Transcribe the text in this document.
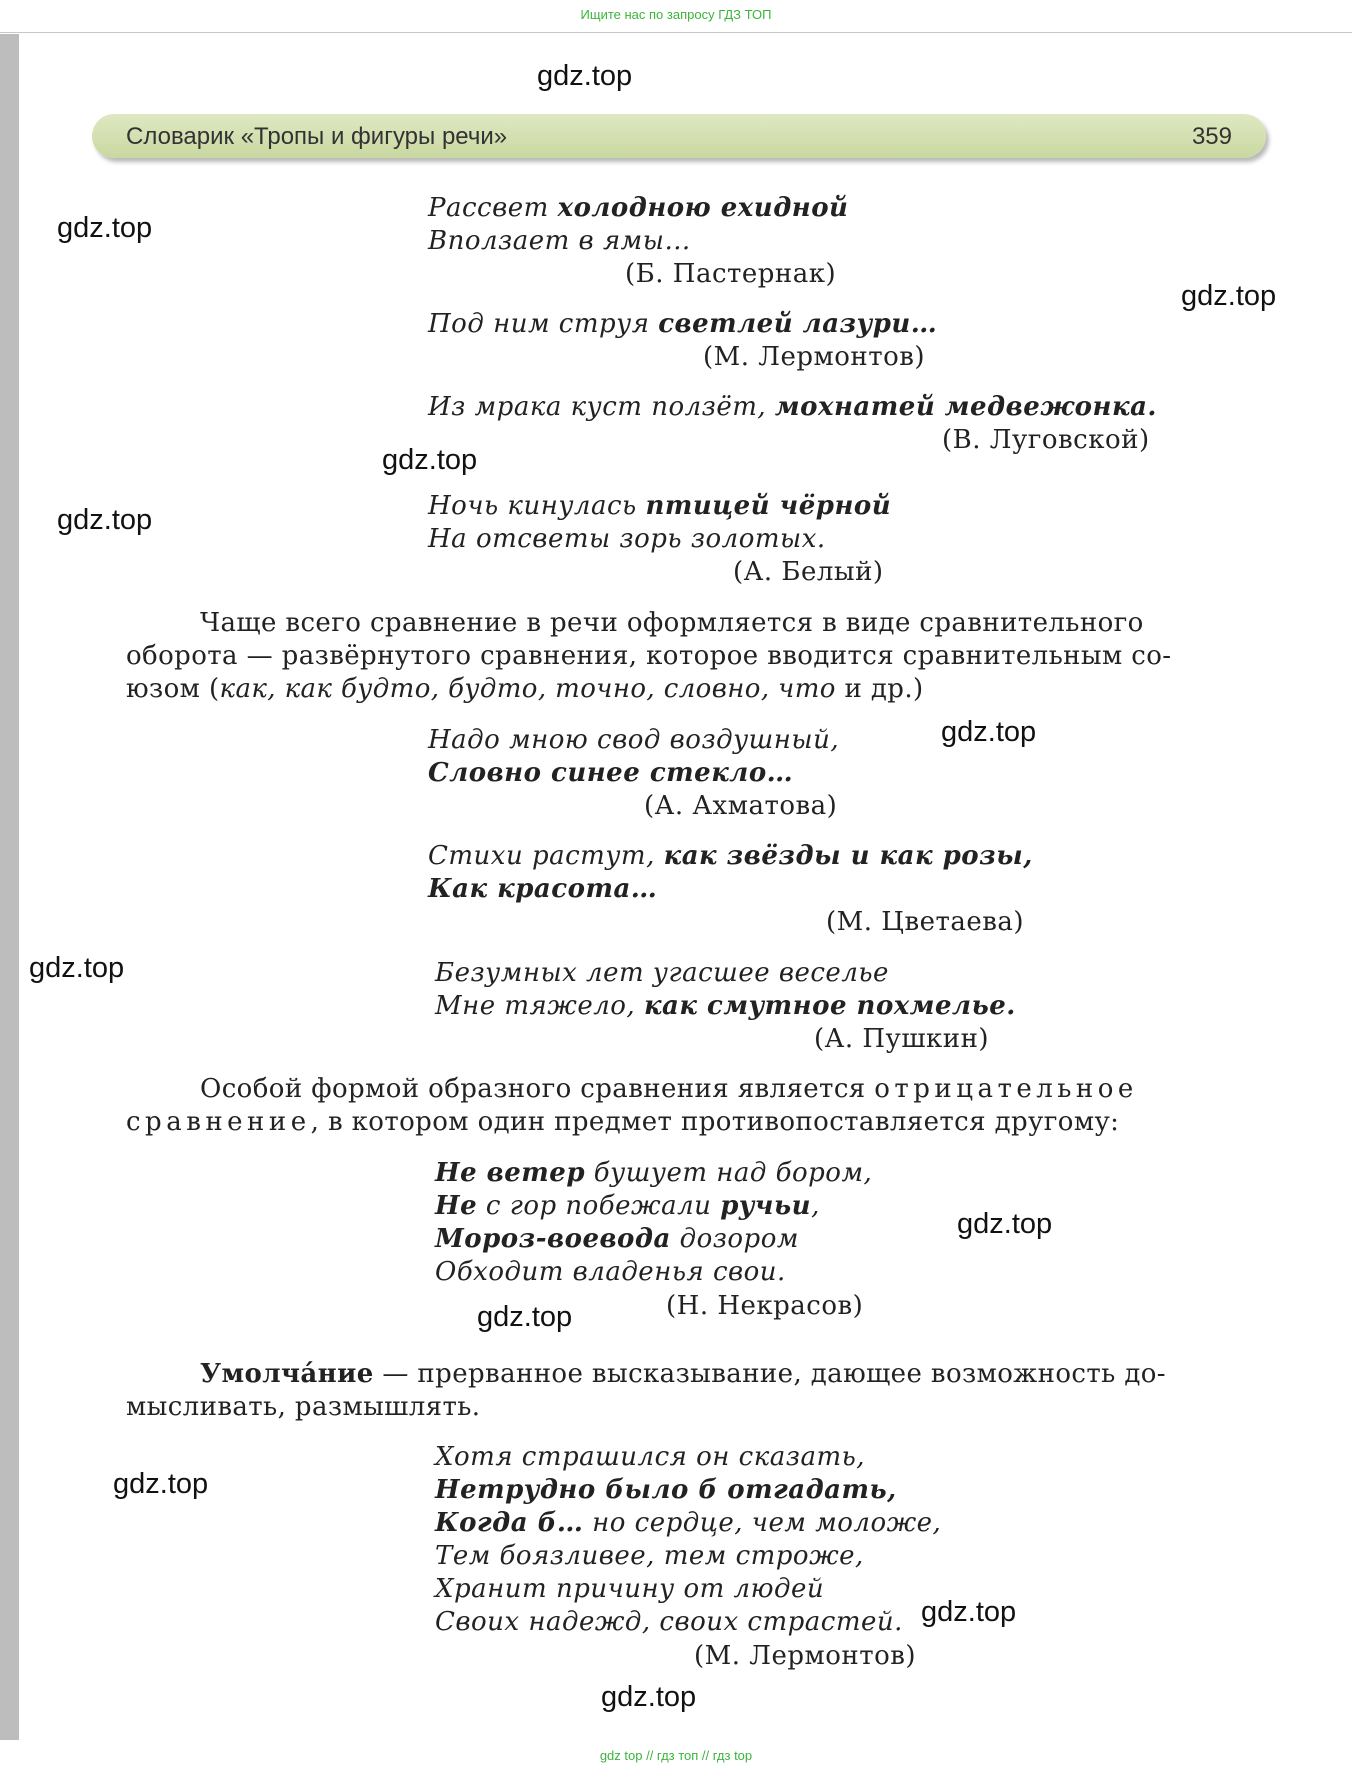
Ищите нас по запросу ГДЗ ТОП
Словарик «Тропы и фигуры речи»	359
Рассвет холодною ехидной
Вползает в ямы…
(Б. Пастернак)
Под ним струя светлей лазури…
(М. Лермонтов)
Из мрака куст ползёт, мохнатей медвежонка.
(В. Луговской)
Ночь кинулась птицей чёрной
На отсветы зорь золотых.
(А. Белый)
Чаще всего сравнение в речи оформляется в виде сравнительного
оборота — развёрнутого сравнения, которое вводится сравнительным со-
юзом (как, как будто, будто, точно, словно, что и др.)
Надо мною свод воздушный,
Словно синее стекло…
(А. Ахматова)
Стихи растут, как звёзды и как розы,
Как красота…
(М. Цветаева)
Безумных лет угасшее веселье
Мне тяжело, как смутное похмелье.
(А. Пушкин)
Особой формой образного сравнения является отрицательное
сравнение, в котором один предмет противопоставляется другому:
Не ветер бушует над бором,
Не с гор побежали ручьи,
Мороз-воевода дозором
Обходит владенья свои.
(Н. Некрасов)
Умолча́ние — прерванное высказывание, дающее возможность до-
мысливать, размышлять.
Хотя страшился он сказать,
Нетрудно было б отгадать,
Когда б… но сердце, чем моложе,
Тем боязливее, тем строже,
Хранит причину от людей
Своих надежд, своих страстей.
(М. Лермонтов)
gdz.top
gdz.top
gdz.top
gdz.top
gdz.top
gdz.top
gdz.top
gdz.top
gdz.top
gdz.top
gdz.top
gdz.top
gdz top // гдз топ // гдз top
